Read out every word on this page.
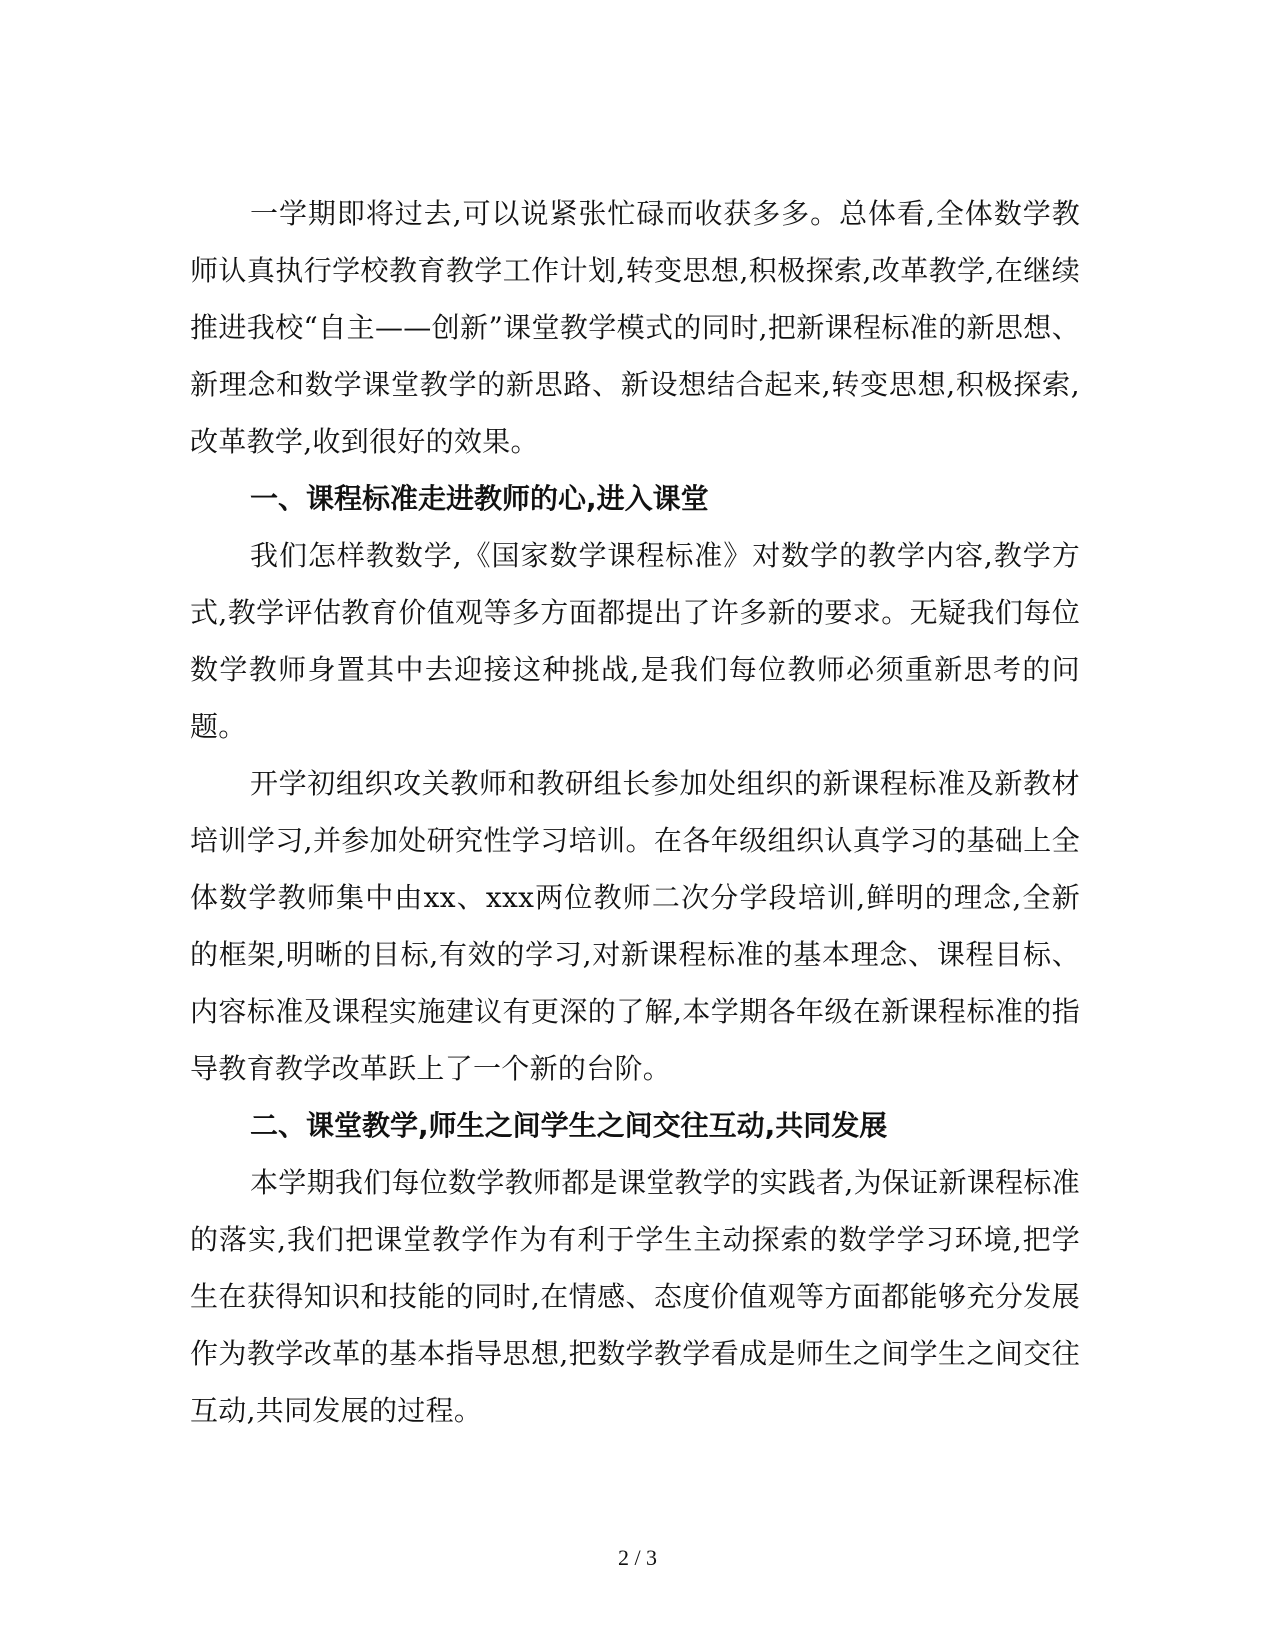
一学期即将过去,可以说紧张忙碌而收获多多。总体看,全体数学教师认真执行学校教育教学工作计划,转变思想,积极探索,改革教学,在继续推进我校“自主——创新”课堂教学模式的同时,把新课程标准的新思想、新理念和数学课堂教学的新思路、新设想结合起来,转变思想,积极探索,改革教学,收到很好的效果。

一、课程标准走进教师的心,进入课堂

我们怎样教数学,《国家数学课程标准》对数学的教学内容,教学方式,教学评估教育价值观等多方面都提出了许多新的要求。无疑我们每位数学教师身置其中去迎接这种挑战,是我们每位教师必须重新思考的问题。

开学初组织攻关教师和教研组长参加处组织的新课程标准及新教材培训学习,并参加处研究性学习培训。在各年级组织认真学习的基础上全体数学教师集中由xx、xxx两位教师二次分学段培训,鲜明的理念,全新的框架,明晰的目标,有效的学习,对新课程标准的基本理念、课程目标、内容标准及课程实施建议有更深的了解,本学期各年级在新课程标准的指导教育教学改革跃上了一个新的台阶。

二、课堂教学,师生之间学生之间交往互动,共同发展

本学期我们每位数学教师都是课堂教学的实践者,为保证新课程标准的落实,我们把课堂教学作为有利于学生主动探索的数学学习环境,把学生在获得知识和技能的同时,在情感、态度价值观等方面都能够充分发展作为教学改革的基本指导思想,把数学教学看成是师生之间学生之间交往互动,共同发展的过程。

2 / 3
